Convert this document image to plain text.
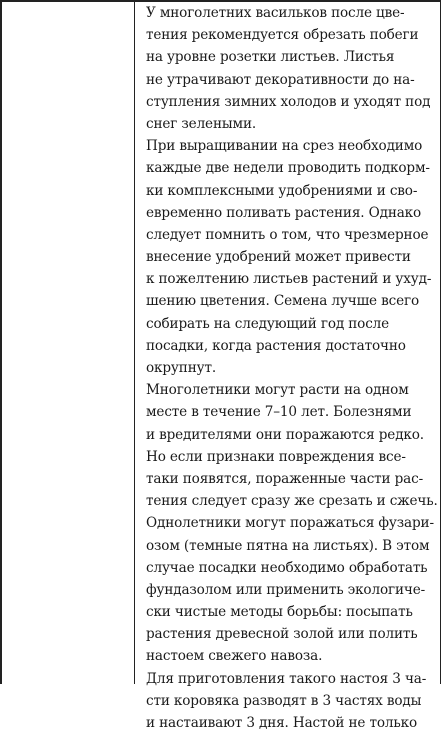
У многолетних васильков после цве-
тения рекомендуется обрезать побеги
на уровне розетки листьев. Листья
не утрачивают декоративности до на-
ступления зимних холодов и уходят под
снег зелеными.
При выращивании на срез необходимо
каждые две недели проводить подкорм-
ки комплексными удобрениями и сво-
евременно поливать растения. Однако
следует помнить о том, что чрезмерное
внесение удобрений может привести
к пожелтению листьев растений и ухуд-
шению цветения. Семена лучше всего
собирать на следующий год после
посадки, когда растения достаточно
окрупнут.
Многолетники могут расти на одном
месте в течение 7–10 лет. Болезнями
и вредителями они поражаются редко.
Но если признаки повреждения все-
таки появятся, пораженные части рас-
тения следует сразу же срезать и сжечь.
Однолетники могут поражаться фузари-
озом (темные пятна на листьях). В этом
случае посадки необходимо обработать
фундазолом или применить экологиче-
ски чистые методы борьбы: посыпать
растения древесной золой или полить
настоем свежего навоза.
Для приготовления такого настоя 3 ча-
сти коровяка разводят в 3 частях воды
и настаивают 3 дня. Настой не только
